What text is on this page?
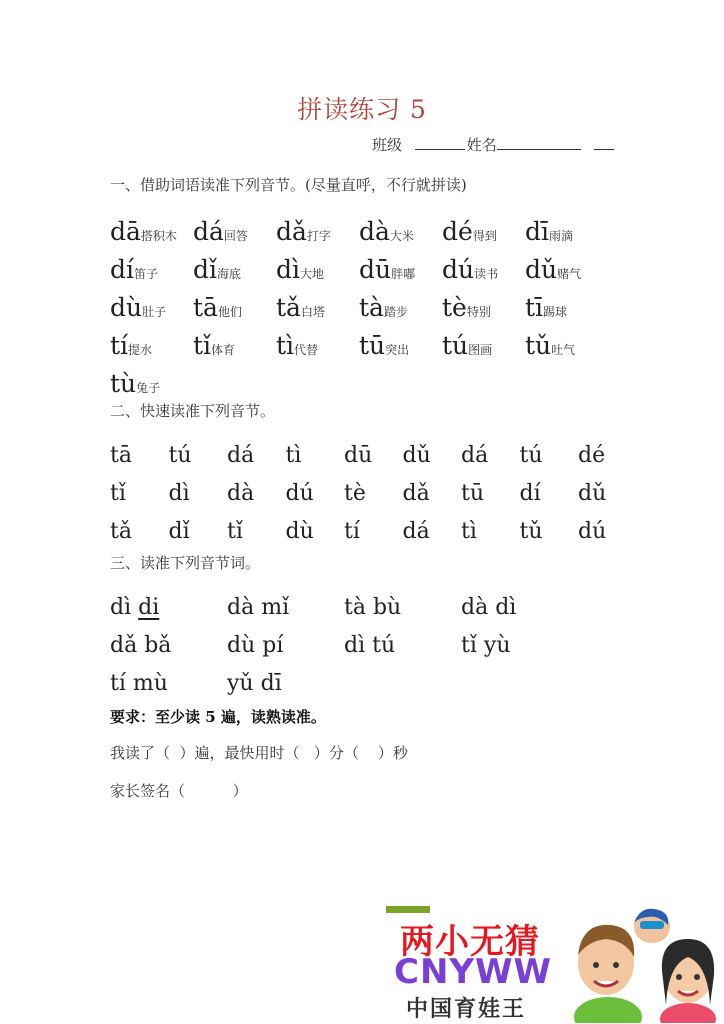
拼读练习 5
班级	姓名
一、借助词语读准下列音节。(尽量直呼，不行就拼读)
dā搭积木 dá回答	dǎ打字	dà大米	dé得到	dī雨滴
dí笛子	dǐ海底	dì大地	dū胖嘟	dú读书	dǔ赌气
dù肚子	tā他们	tǎ白塔	tà踏步	tè特别	tī踢球
tí提水	tǐ体育	tì代替	tū突出	tú图画	tǔ吐气
tù兔子
二、快速读准下列音节。
tā	tú	dá	tì	dū	dǔ	dá	tú	dé
tǐ	dì	dà	dú	tè	dǎ	tū	dí	dǔ
tǎ	dǐ	tǐ	dù	tí	dá	tì	tǔ	dú
三、读准下列音节词。
dì di	dà mǐ	tà bù	dà dì
dǎ bǎ	dù pí	dì tú	tǐ yù
tí mù	yǔ dī
要求：至少读 5 遍，读熟读准。
我读了（  ）遍，最快用时（   ）分（    ）秒
家长签名（          ）
两小无猜
CNYWW
中国育娃王
